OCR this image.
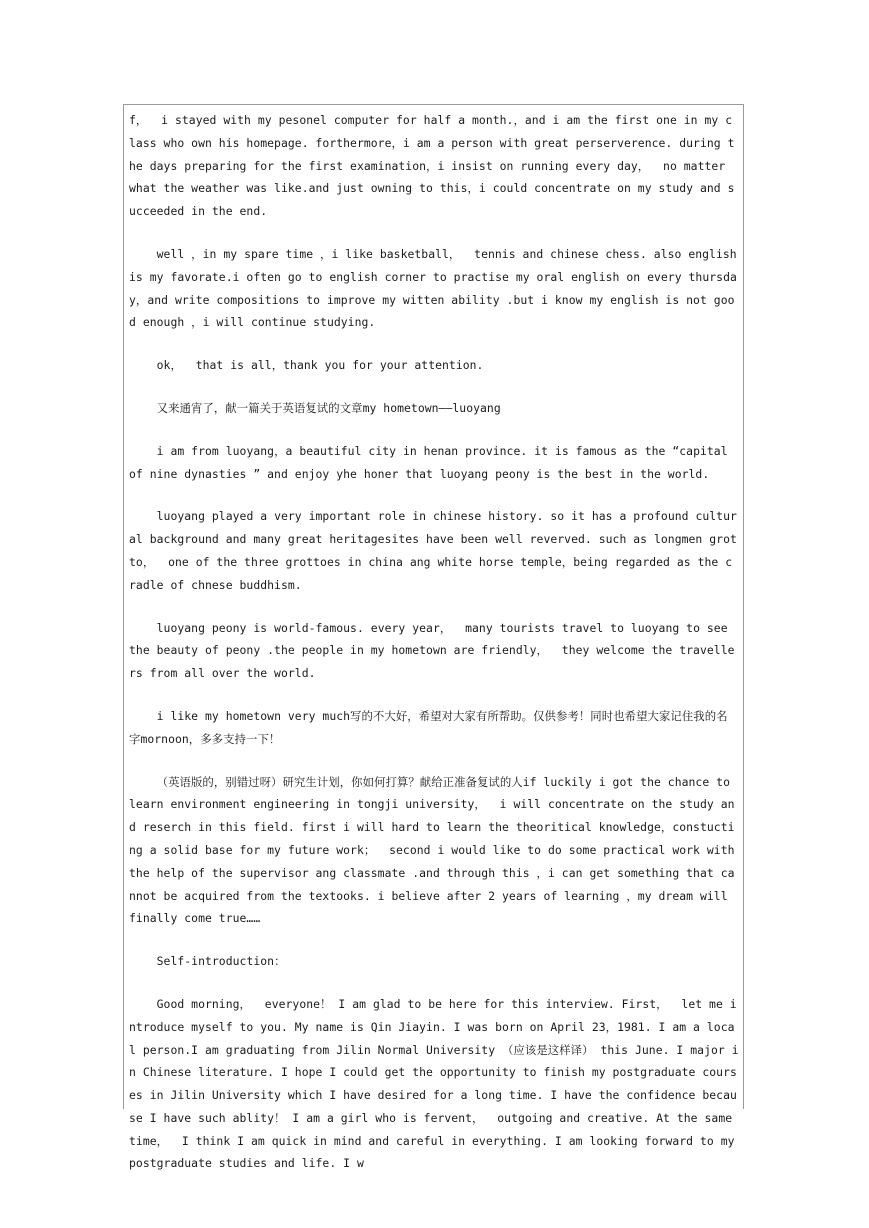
f，  i stayed with my pesonel computer for half a month.，and i am the first one in my class who own his homepage. forthermore，i am a person with great perserverence. during the days preparing for the first examination，i insist on running every day，  no matter what the weather was like.and just owning to this，i could concentrate on my study and succeeded in the end.

well ，in my spare time ，i like basketball，  tennis and chinese chess. also english is my favorate.i often go to english corner to practise my oral english on every thursday，and write compositions to improve my witten ability .but i know my english is not good enough ，i will continue studying.

ok，  that is all，thank you for your attention.

又来通宵了，献一篇关于英语复试的文章my hometown——luoyang

i am from luoyang，a beautiful city in henan province. it is famous as the “capital of nine dynasties ” and enjoy yhe honer that luoyang peony is the best in the world.

luoyang played a very important role in chinese history. so it has a profound cultural background and many great heritagesites have been well reverved. such as longmen grotto，  one of the three grottoes in china ang white horse temple，being regarded as the cradle of chnese buddhism.

luoyang peony is world-famous. every year，  many tourists travel to luoyang to see the beauty of peony .the people in my hometown are friendly，  they welcome the travellers from all over the world.

i like my hometown very much写的不大好，希望对大家有所帮助。仅供参考！同时也希望大家记住我的名字mornoon，多多支持一下！

（英语版的，别错过呀）研究生计划，你如何打算？献给正准备复试的人if luckily i got the chance to learn environment engineering in tongji university，  i will concentrate on the study and reserch in this field. first i will hard to learn the theoritical knowledge，constucting a solid base for my future work；  second i would like to do some practical work with the help of the supervisor ang classmate .and through this ，i can get something that cannot be acquired from the textooks. i believe after 2 years of learning ，my dream will finally come true……

Self-introduction：

Good morning，  everyone！ I am glad to be here for this interview. First，  let me introduce myself to you. My name is Qin Jiayin. I was born on April 23，1981. I am a local person.I am graduating from Jilin Normal University （应该是这样译） this June. I major in Chinese literature. I hope I could get the opportunity to finish my postgraduate courses in Jilin University which I have desired for a long time. I have the confidence because I have such ablity！ I am a girl who is fervent，  outgoing and creative. At the same time，  I think I am quick in mind and careful in everything. I am looking forward to my postgraduate studies and life. I w
